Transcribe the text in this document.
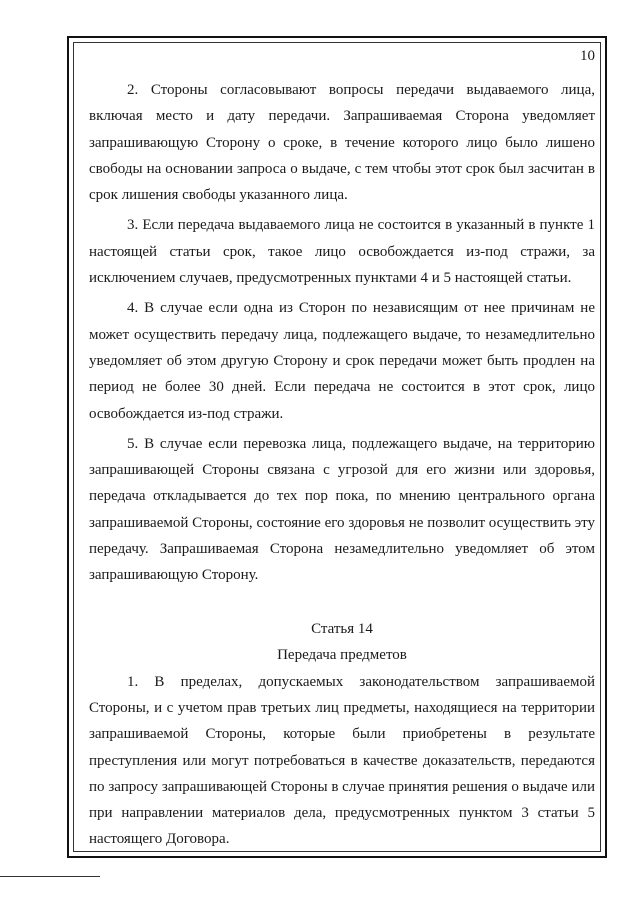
10

2. Стороны согласовывают вопросы передачи выдаваемого лица, включая место и дату передачи. Запрашиваемая Сторона уведомляет запрашивающую Сторону о сроке, в течение которого лицо было лишено свободы на основании запроса о выдаче, с тем чтобы этот срок был засчитан в срок лишения свободы указанного лица.

3. Если передача выдаваемого лица не состоится в указанный в пункте 1 настоящей статьи срок, такое лицо освобождается из-под стражи, за исключением случаев, предусмотренных пунктами 4 и 5 настоящей статьи.

4. В случае если одна из Сторон по независящим от нее причинам не может осуществить передачу лица, подлежащего выдаче, то незамедлительно уведомляет об этом другую Сторону и срок передачи может быть продлен на период не более 30 дней. Если передача не состоится в этот срок, лицо освобождается из-под стражи.

5. В случае если перевозка лица, подлежащего выдаче, на территорию запрашивающей Стороны связана с угрозой для его жизни или здоровья, передача откладывается до тех пор пока, по мнению центрального органа запрашиваемой Стороны, состояние его здоровья не позволит осуществить эту передачу. Запрашиваемая Сторона незамедлительно уведомляет об этом запрашивающую Сторону.

Статья 14
Передача предметов

1. В пределах, допускаемых законодательством запрашиваемой Стороны, и с учетом прав третьих лиц предметы, находящиеся на территории запрашиваемой Стороны, которые были приобретены в результате преступления или могут потребоваться в качестве доказательств, передаются по запросу запрашивающей Стороны в случае принятия решения о выдаче или при направлении материалов дела, предусмотренных пунктом 3 статьи 5 настоящего Договора.
